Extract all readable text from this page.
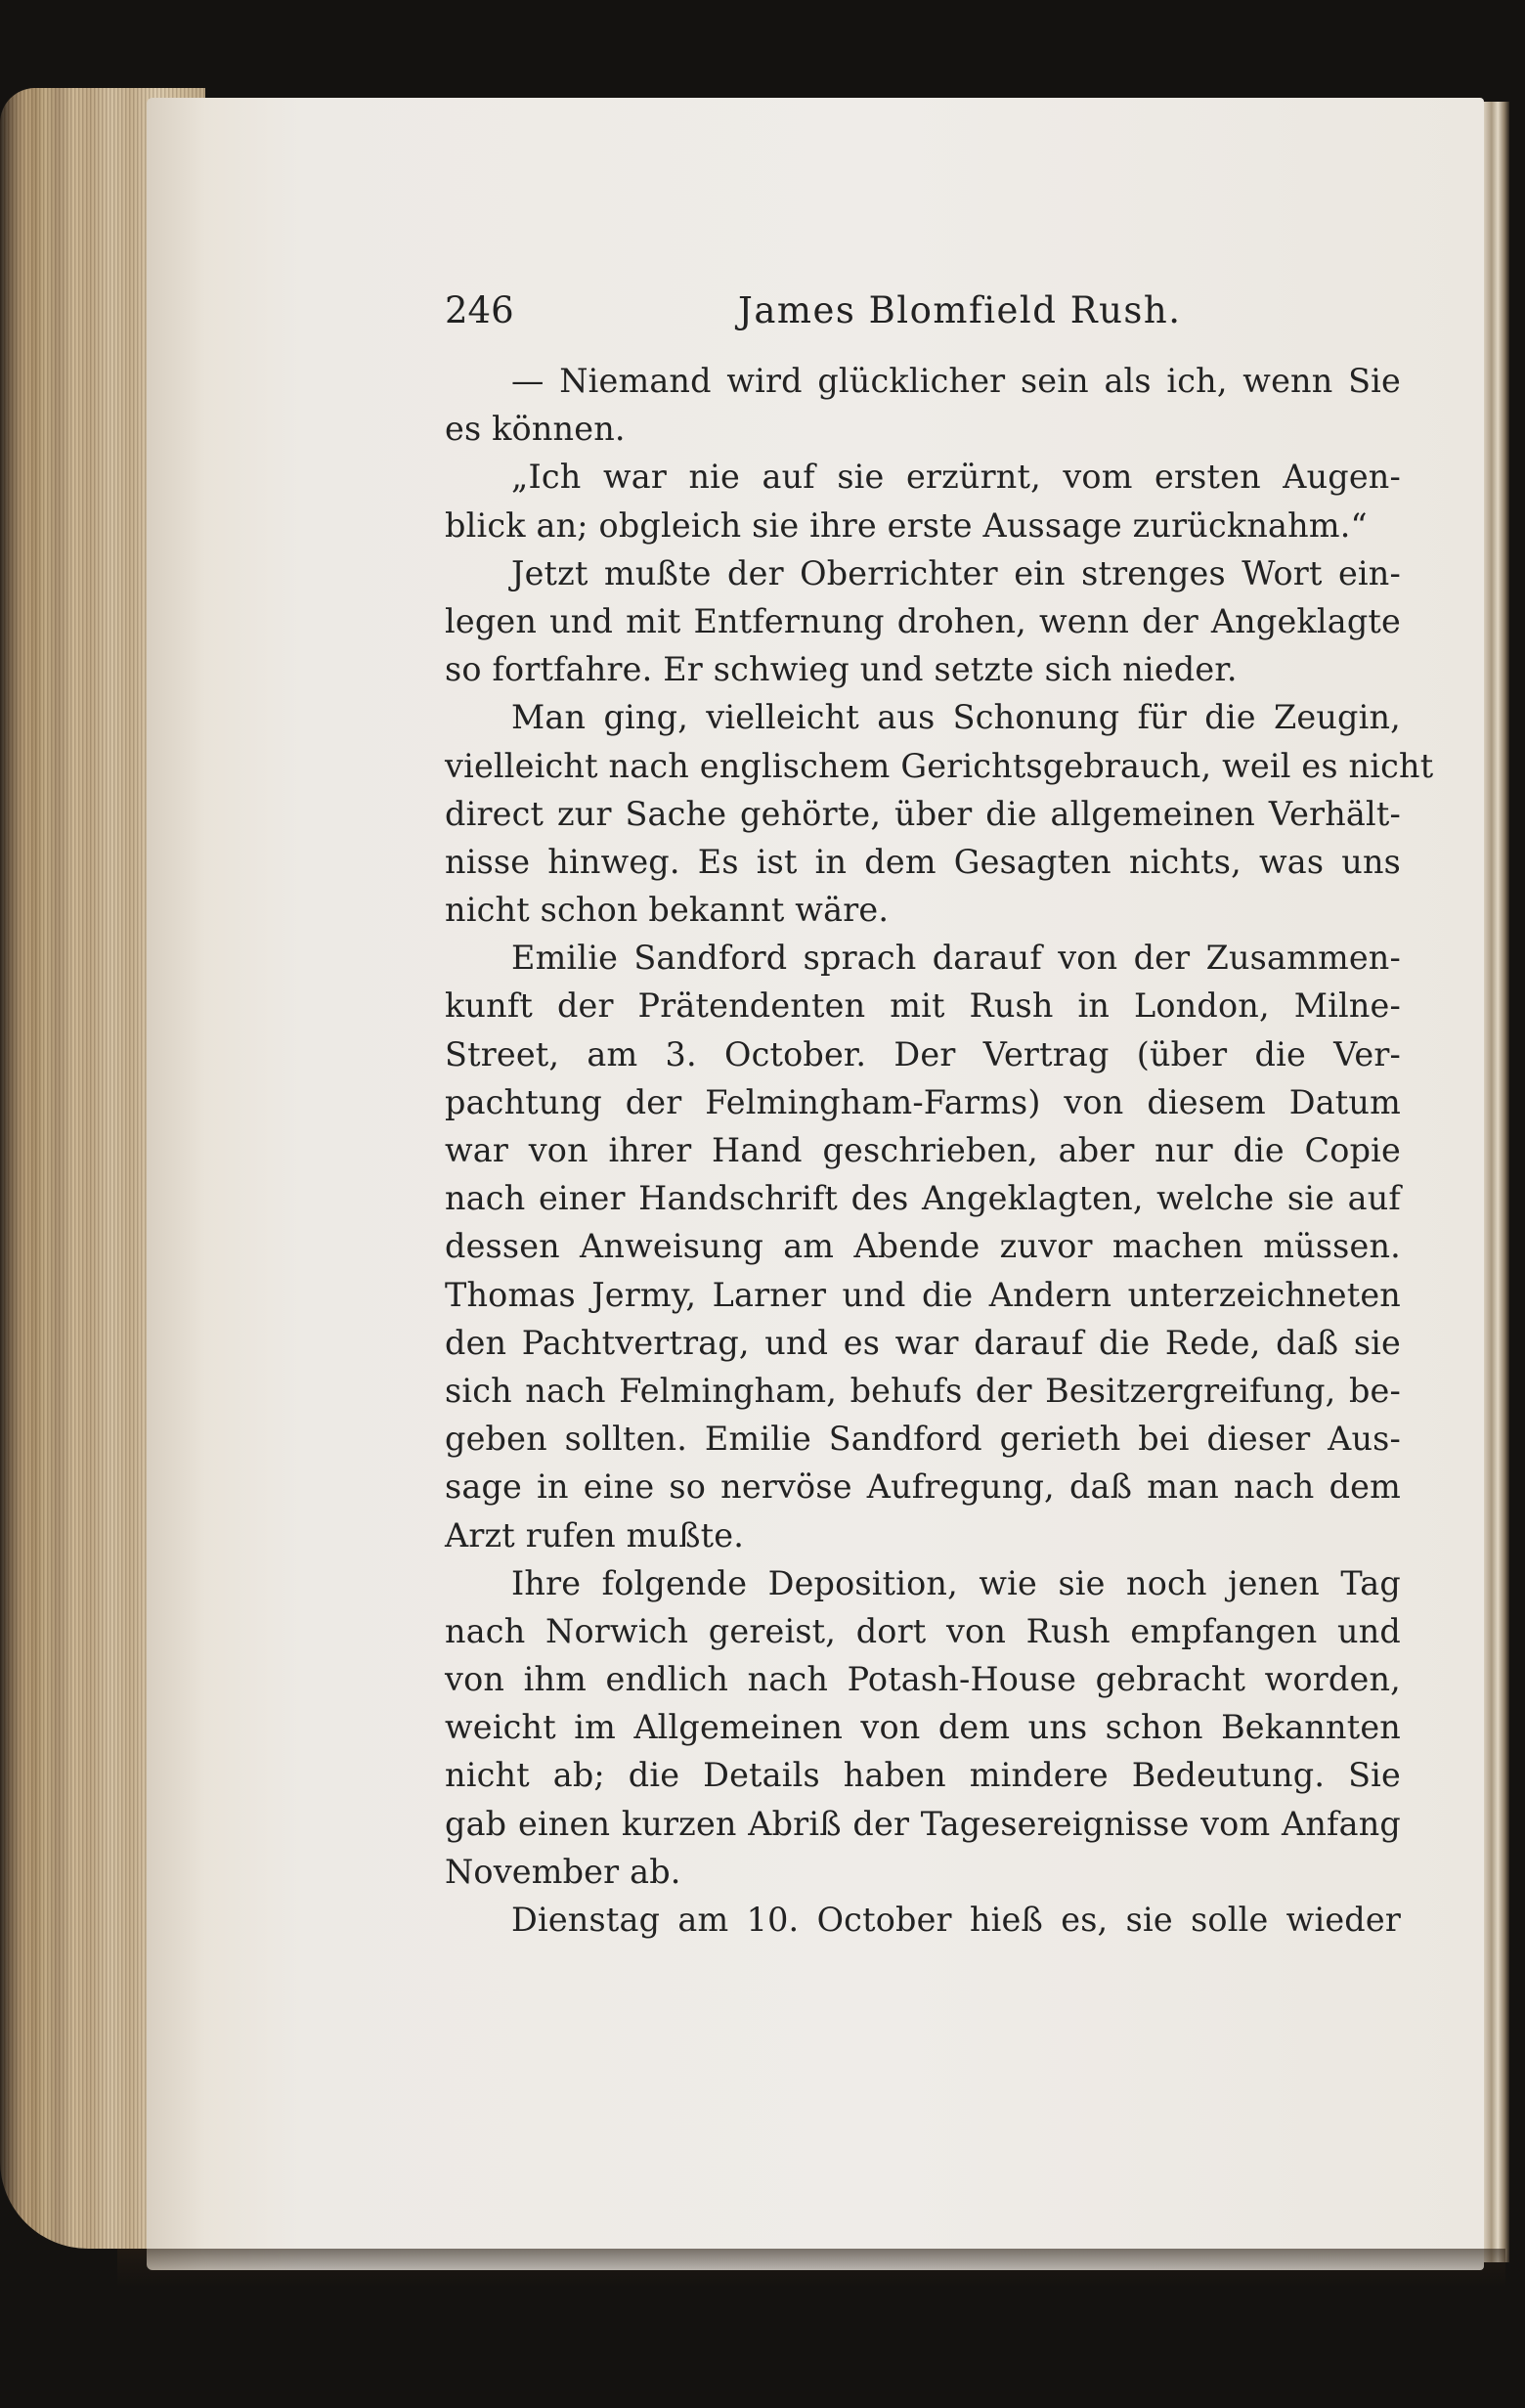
246	James Blomfield Rush.
— Niemand wird glücklicher sein als ich, wenn Sie
es können.
„Ich war nie auf sie erzürnt, vom ersten Augen-
blick an; obgleich sie ihre erste Aussage zurücknahm.“
Jetzt mußte der Oberrichter ein strenges Wort ein-
legen und mit Entfernung drohen, wenn der Angeklagte
so fortfahre. Er schwieg und setzte sich nieder.
Man ging, vielleicht aus Schonung für die Zeugin,
vielleicht nach englischem Gerichtsgebrauch, weil es nicht
direct zur Sache gehörte, über die allgemeinen Verhält-
nisse hinweg. Es ist in dem Gesagten nichts, was uns
nicht schon bekannt wäre.
Emilie Sandford sprach darauf von der Zusammen-
kunft der Prätendenten mit Rush in London, Milne-
Street, am 3. October. Der Vertrag (über die Ver-
pachtung der Felmingham-Farms) von diesem Datum
war von ihrer Hand geschrieben, aber nur die Copie
nach einer Handschrift des Angeklagten, welche sie auf
dessen Anweisung am Abende zuvor machen müssen.
Thomas Jermy, Larner und die Andern unterzeichneten
den Pachtvertrag, und es war darauf die Rede, daß sie
sich nach Felmingham, behufs der Besitzergreifung, be-
geben sollten. Emilie Sandford gerieth bei dieser Aus-
sage in eine so nervöse Aufregung, daß man nach dem
Arzt rufen mußte.
Ihre folgende Deposition, wie sie noch jenen Tag
nach Norwich gereist, dort von Rush empfangen und
von ihm endlich nach Potash-House gebracht worden,
weicht im Allgemeinen von dem uns schon Bekannten
nicht ab; die Details haben mindere Bedeutung. Sie
gab einen kurzen Abriß der Tagesereignisse vom Anfang
November ab.
Dienstag am 10. October hieß es, sie solle wieder
